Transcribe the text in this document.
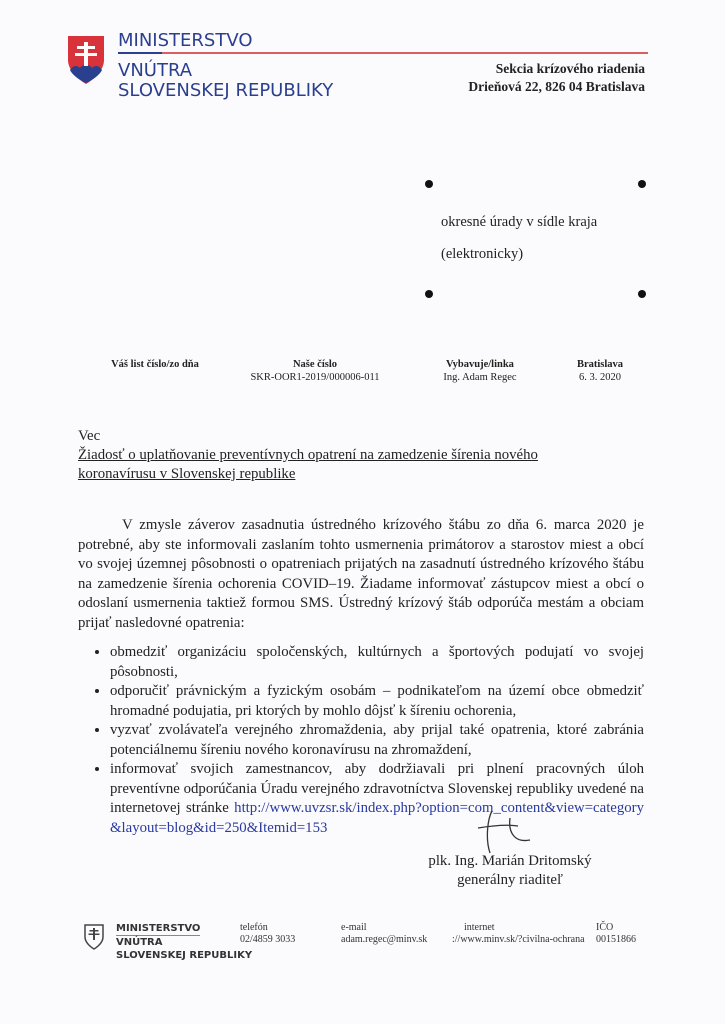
MINISTERSTVO
VNÚTRA
SLOVENSKEJ REPUBLIKY
Sekcia krízového riadenia
Drieňová 22, 826 04 Bratislava
okresné úrady v sídle kraja
(elektronicky)
Váš list číslo/zo dňa	Naše číslo
SKR-OOR1-2019/000006-011
Vybavuje/linka
Ing. Adam Regec
Bratislava
6. 3. 2020
Vec
Žiadosť o uplatňovanie preventívnych opatrení na zamedzenie šírenia nového koronavírusu v Slovenskej republike

V zmysle záverov zasadnutia ústredného krízového štábu zo dňa 6. marca 2020 je potrebné, aby ste informovali zaslaním tohto usmernenia primátorov a starostov miest a obcí vo svojej územnej pôsobnosti o opatreniach prijatých na zasadnutí ústredného krízového štábu na zamedzenie šírenia ochorenia COVID–19. Žiadame informovať zástupcov miest a obcí o odoslaní usmernenia taktiež formou SMS. Ústredný krízový štáb odporúča mestám a obciam prijať nasledovné opatrenia:

• obmedziť organizáciu spoločenských, kultúrnych a športových podujatí vo svojej pôsobnosti,
• odporučiť právnickým a fyzickým osobám – podnikateľom na území obce obmedziť hromadné podujatia, pri ktorých by mohlo dôjsť k šíreniu ochorenia,
• vyzvať zvolávateľa verejného zhromaždenia, aby prijal také opatrenia, ktoré zabránia potenciálnemu šíreniu nového koronavírusu na zhromaždení,
• informovať svojich zamestnancov, aby dodržiavali pri plnení pracovných úloh preventívne odporúčania Úradu verejného zdravotníctva Slovenskej republiky uvedené na internetovej stránke http://www.uvzsr.sk/index.php?option=com_content&view=category&layout=blog&id=250&Itemid=153
plk. Ing. Marián Dritomský
generálny riaditeľ
MINISTERSTVO
VNÚTRA
SLOVENSKEJ REPUBLIKY
telefón
02/4859 3033
e-mail
adam.regec@minv.sk
internet
://www.minv.sk/?civilna-ochrana
IČO
00151866
